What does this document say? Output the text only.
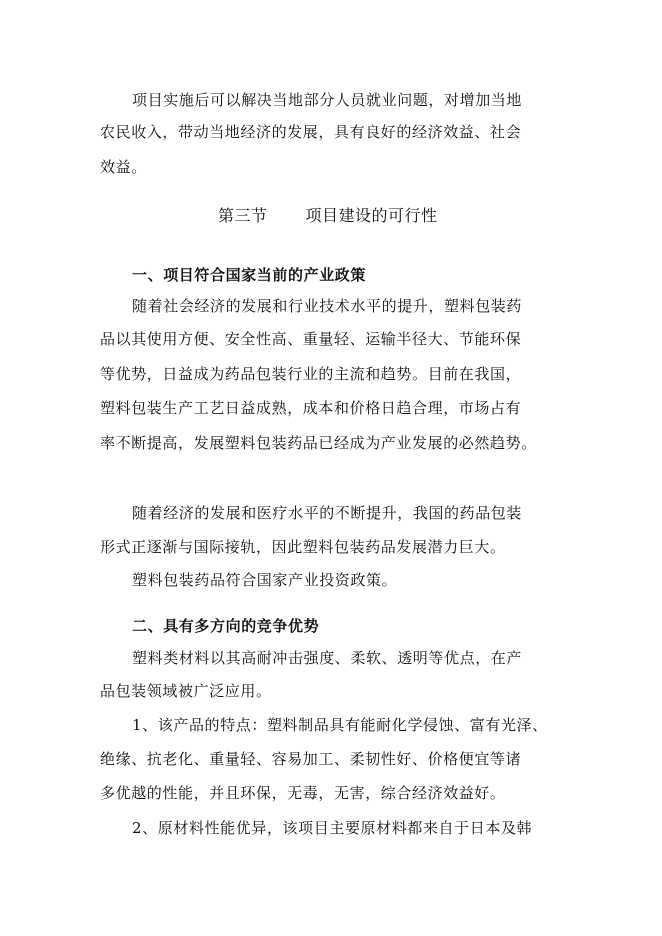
项目实施后可以解决当地部分人员就业问题，对增加当地
农民收入，带动当地经济的发展，具有良好的经济效益、社会
效益。
第三节 项目建设的可行性
一、项目符合国家当前的产业政策
随着社会经济的发展和行业技术水平的提升，塑料包装药
品以其使用方便、安全性高、重量轻、运输半径大、节能环保
等优势，日益成为药品包装行业的主流和趋势。目前在我国，
塑料包装生产工艺日益成熟，成本和价格日趋合理，市场占有
率不断提高，发展塑料包装药品已经成为产业发展的必然趋势。
随着经济的发展和医疗水平的不断提升，我国的药品包装
形式正逐渐与国际接轨，因此塑料包装药品发展潜力巨大。
塑料包装药品符合国家产业投资政策。
二、具有多方向的竞争优势
塑料类材料以其高耐冲击强度、柔软、透明等优点，在产
品包装领域被广泛应用。
1、该产品的特点：塑料制品具有能耐化学侵蚀、富有光泽、
绝缘、抗老化、重量轻、容易加工、柔韧性好、价格便宜等诸
多优越的性能，并且环保，无毒，无害，综合经济效益好。
2、原材料性能优异，该项目主要原材料都来自于日本及韩
